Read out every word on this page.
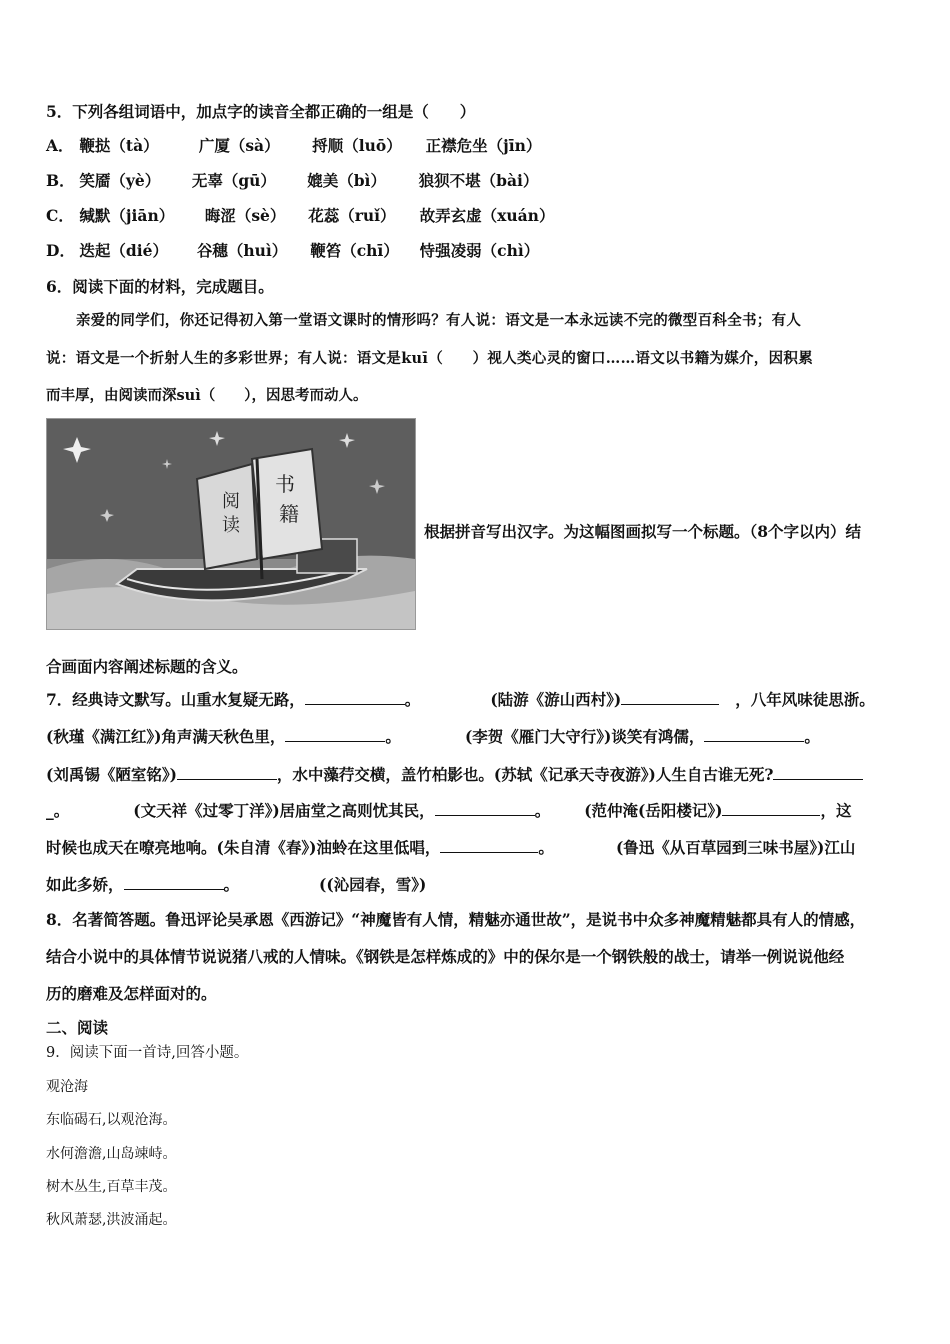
5．下列各组词语中，加点字的读音全都正确的一组是（　　）
A． 鞭挞（tà）	广厦（sà） 捋顺（luō） 正襟危坐（jīn）
B． 笑靥（yè） 无辜（gū） 媲美（bì） 狼狈不堪（bài）
C． 缄默（jiān） 晦涩（sè） 花蕊（ruǐ） 故弄玄虚（xuán）
D． 迭起（dié） 谷穗（huì） 鞭笞（chī） 恃强凌弱（chì）
6．阅读下面的材料，完成题目。
亲爱的同学们，你还记得初入第一堂语文课时的情形吗？有人说：语文是一本永远读不完的微型百科全书；有人
说：语文是一个折射人生的多彩世界；有人说：语文是kuī（　　）视人类心灵的窗口……语文以书籍为媒介，因积累
而丰厚，由阅读而深suì（　　），因思考而动人。
阅
读
书
籍
根据拼音写出汉字。为这幅图画拟写一个标题。（8个字以内）结
合画面内容阐述标题的含义。
7．经典诗文默写。山重水复疑无路，	。	(陆游《游山西村》)	，八年风味徒思浙。
(秋瑾《满江红》)角声满天秋色里，	。	(李贺《雁门大守行》)谈笑有鸿儒，	。
(刘禹锡《陋室铭》)	，水中藻荇交横，盖竹柏影也。(苏轼《记承天寺夜游》)人生自古谁无死?
_。	(文天祥《过零丁洋》)居庙堂之高则忧其民，	。 (范仲淹(岳阳楼记》)	，这
时候也成天在嘹亮地响。(朱自清《春》)油蛉在这里低唱，	。	(鲁迅《从百草园到三味书屋》)江山
如此多娇，	。	((沁园春，雪》)
8．名著简答题。鲁迅评论吴承恩《西游记》“神魔皆有人情，精魅亦通世故”，是说书中众多神魔精魅都具有人的情感，
结合小说中的具体情节说说猪八戒的人情味。《钢铁是怎样炼成的》中的保尔是一个钢铁般的战士，请举一例说说他经
历的磨难及怎样面对的。
二、阅读
9．阅读下面一首诗,回答小题。
观沧海
东临碣石,以观沧海。
水何澹澹,山岛竦峙。
树木丛生,百草丰茂。
秋风萧瑟,洪波涌起。
